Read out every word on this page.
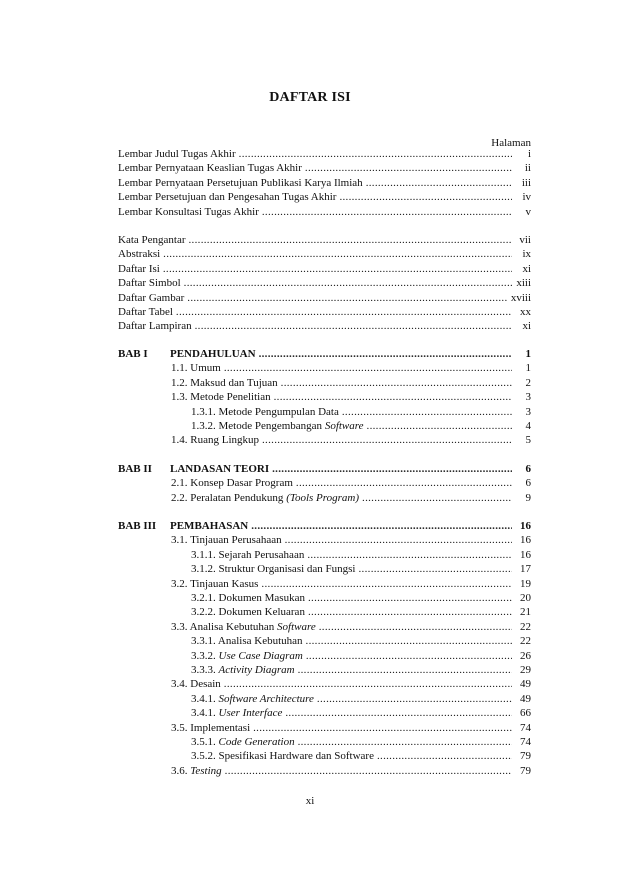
DAFTAR ISI
Halaman
Lembar Judul Tugas Akhir .....	i
Lembar Pernyataan Keaslian Tugas Akhir .....	ii
Lembar Pernyataan Persetujuan Publikasi Karya Ilmiah .....	iii
Lembar Persetujuan dan Pengesahan Tugas Akhir .....	iv
Lembar Konsultasi Tugas Akhir .....	v
Kata Pengantar .....	vii
Abstraksi .....	ix
Daftar Isi .....	xi
Daftar Simbol .....	xiii
Daftar Gambar .....	xviii
Daftar Tabel .....	xx
Daftar Lampiran .....	xi
BAB I PENDAHULUAN .....	1
1.1. Umum .....	1
1.2. Maksud dan Tujuan .....	2
1.3. Metode Penelitian .....	3
1.3.1. Metode Pengumpulan Data .....	3
1.3.2. Metode Pengembangan Software .....	4
1.4. Ruang Lingkup .....	5
BAB II LANDASAN TEORI .....	6
2.1. Konsep Dasar Program .....	6
2.2. Peralatan Pendukung (Tools Program) .....	9
BAB III PEMBAHASAN .....	16
3.1. Tinjauan Perusahaan .....	16
3.1.1. Sejarah Perusahaan .....	16
3.1.2. Struktur Organisasi dan Fungsi .....	17
3.2. Tinjauan Kasus .....	19
3.2.1. Dokumen Masukan .....	20
3.2.2. Dokumen Keluaran .....	21
3.3. Analisa Kebutuhan Software .....	22
3.3.1. Analisa Kebutuhan .....	22
3.3.2. Use Case Diagram .....	26
3.3.3. Activity Diagram .....	29
3.4. Desain .....	49
3.4.1. Software Architecture .....	49
3.4.1. User Interface .....	66
3.5. Implementasi .....	74
3.5.1. Code Generation .....	74
3.5.2. Spesifikasi Hardware dan Software .....	79
3.6. Testing .....	79
xi
